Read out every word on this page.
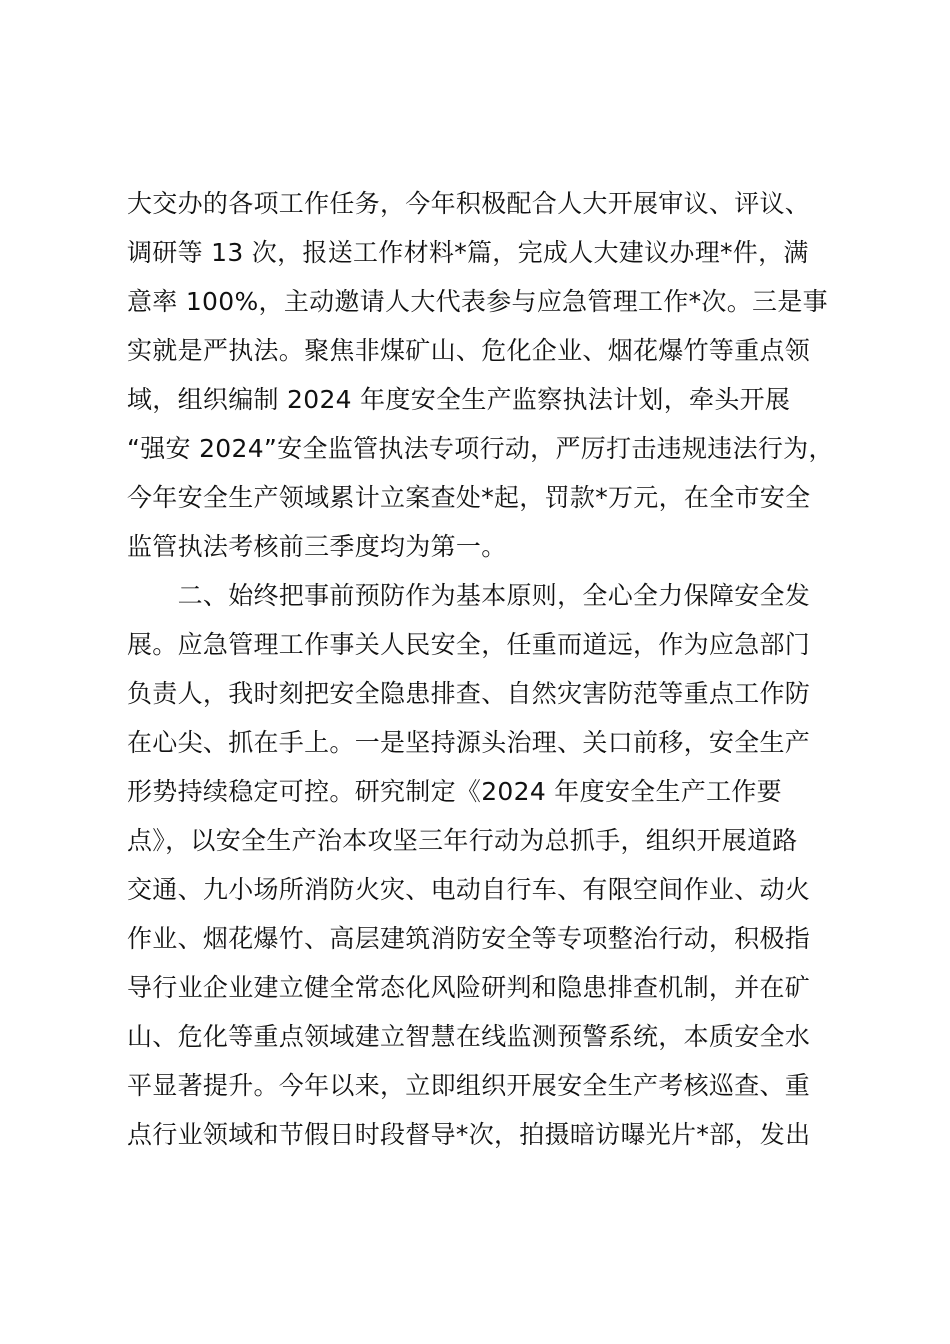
大交办的各项工作任务，今年积极配合人大开展审议、评议、
调研等 13 次，报送工作材料*篇，完成人大建议办理*件，满
意率 100%，主动邀请人大代表参与应急管理工作*次。三是事
实就是严执法。聚焦非煤矿山、危化企业、烟花爆竹等重点领
域，组织编制 2024 年度安全生产监察执法计划，牵头开展
“强安 2024”安全监管执法专项行动，严厉打击违规违法行为，
今年安全生产领域累计立案查处*起，罚款*万元，在全市安全
监管执法考核前三季度均为第一。
　　二、始终把事前预防作为基本原则，全心全力保障安全发
展。应急管理工作事关人民安全，任重而道远，作为应急部门
负责人，我时刻把安全隐患排查、自然灾害防范等重点工作防
在心尖、抓在手上。一是坚持源头治理、关口前移，安全生产
形势持续稳定可控。研究制定《2024 年度安全生产工作要
点》，以安全生产治本攻坚三年行动为总抓手，组织开展道路
交通、九小场所消防火灾、电动自行车、有限空间作业、动火
作业、烟花爆竹、高层建筑消防安全等专项整治行动，积极指
导行业企业建立健全常态化风险研判和隐患排查机制，并在矿
山、危化等重点领域建立智慧在线监测预警系统，本质安全水
平显著提升。今年以来，立即组织开展安全生产考核巡查、重
点行业领域和节假日时段督导*次，拍摄暗访曝光片*部，发出
